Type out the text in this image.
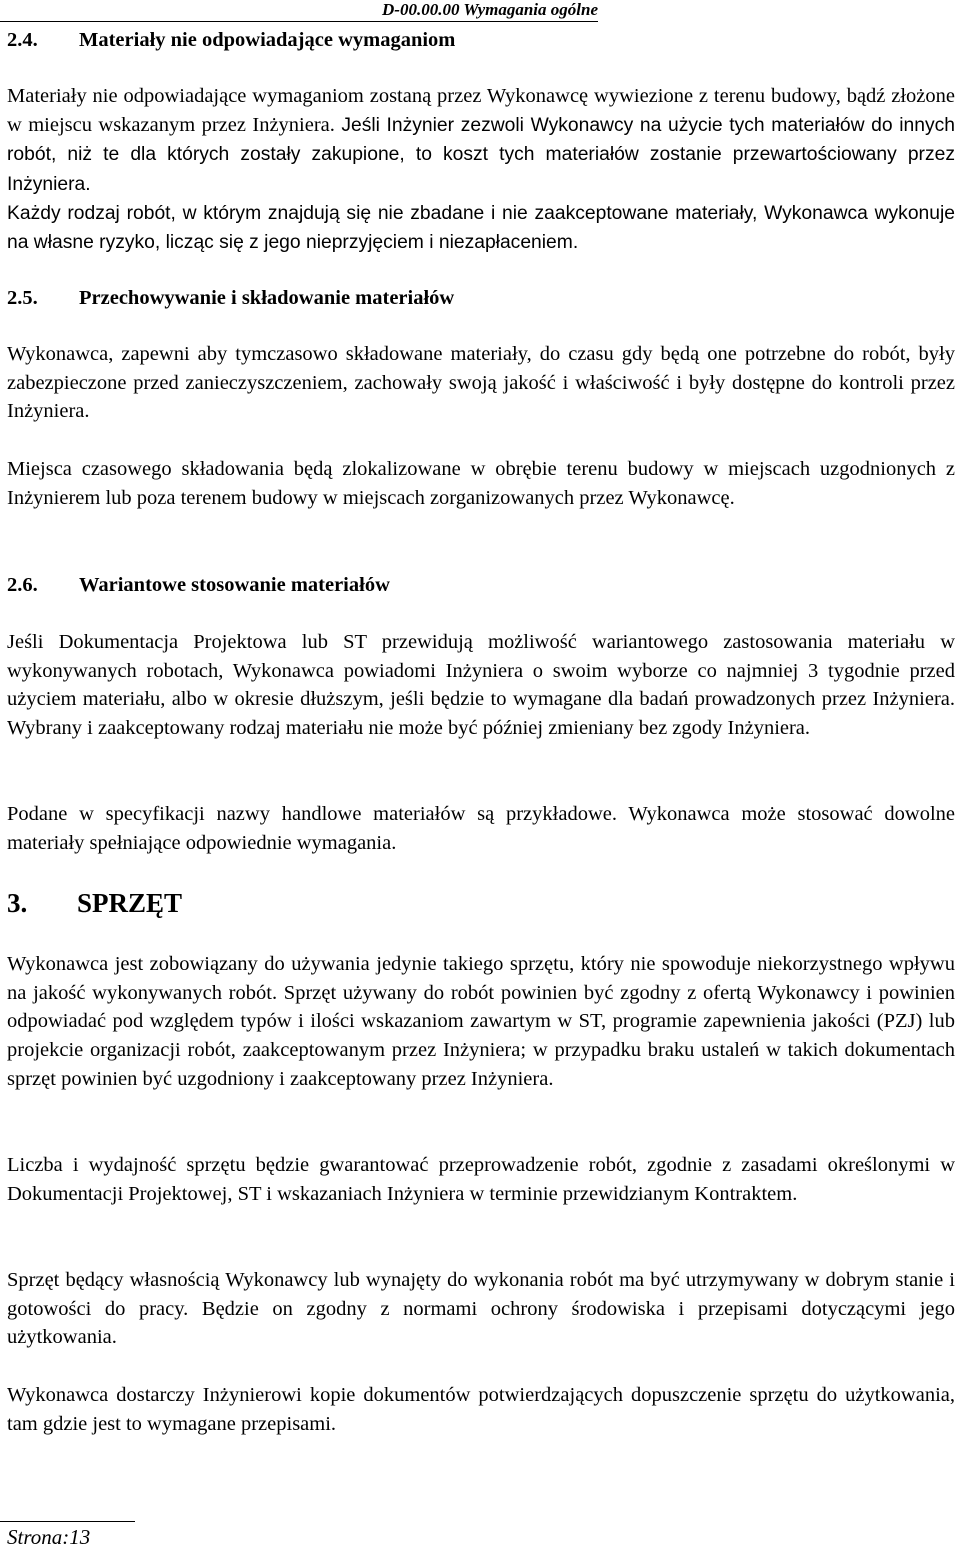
D-00.00.00 Wymagania ogólne
2.4. Materiały nie odpowiadające wymaganiom

Materiały nie odpowiadające wymaganiom zostaną przez Wykonawcę wywiezione z terenu budowy, bądź złożone w miejscu wskazanym przez Inżyniera. Jeśli Inżynier zezwoli Wykonawcy na użycie tych materiałów do innych robót, niż te dla których zostały zakupione, to koszt tych materiałów zostanie przewartościowany przez Inżyniera.

Każdy rodzaj robót, w którym znajdują się nie zbadane i nie zaakceptowane materiały, Wykonawca wykonuje na własne ryzyko, licząc się z jego nieprzyjęciem i niezapłaceniem.

2.5. Przechowywanie i składowanie materiałów

Wykonawca, zapewni aby tymczasowo składowane materiały, do czasu gdy będą one potrzebne do robót, były zabezpieczone przed zanieczyszczeniem, zachowały swoją jakość i właściwość i były dostępne do kontroli przez Inżyniera.

Miejsca czasowego składowania będą zlokalizowane w obrębie terenu budowy w miejscach uzgodnionych z Inżynierem lub poza terenem budowy w miejscach zorganizowanych przez Wykonawcę.

2.6. Wariantowe stosowanie materiałów

Jeśli Dokumentacja Projektowa lub ST przewidują możliwość wariantowego zastosowania materiału w wykonywanych robotach, Wykonawca powiadomi Inżyniera o swoim wyborze co najmniej 3 tygodnie przed użyciem materiału, albo w okresie dłuższym, jeśli będzie to wymagane dla badań prowadzonych przez Inżyniera. Wybrany i zaakceptowany rodzaj materiału nie może być później zmieniany bez zgody Inżyniera.

Podane w specyfikacji nazwy handlowe materiałów są przykładowe. Wykonawca może stosować dowolne materiały spełniające odpowiednie wymagania.

3. SPRZĘT

Wykonawca jest zobowiązany do używania jedynie takiego sprzętu, który nie spowoduje niekorzystnego wpływu na jakość wykonywanych robót. Sprzęt używany do robót powinien być zgodny z ofertą Wykonawcy i powinien odpowiadać pod względem typów i ilości wskazaniom zawartym w ST, programie zapewnienia jakości (PZJ) lub projekcie organizacji robót, zaakceptowanym przez Inżyniera; w przypadku braku ustaleń w takich dokumentach sprzęt powinien być uzgodniony i zaakceptowany przez Inżyniera.

Liczba i wydajność sprzętu będzie gwarantować przeprowadzenie robót, zgodnie z zasadami określonymi w Dokumentacji Projektowej, ST i wskazaniach Inżyniera w terminie przewidzianym Kontraktem.

Sprzęt będący własnością Wykonawcy lub wynajęty do wykonania robót ma być utrzymywany w dobrym stanie i gotowości do pracy. Będzie on zgodny z normami ochrony środowiska i przepisami dotyczącymi jego użytkowania.

Wykonawca dostarczy Inżynierowi kopie dokumentów potwierdzających dopuszczenie sprzętu do użytkowania, tam gdzie jest to wymagane przepisami.

Strona:13
